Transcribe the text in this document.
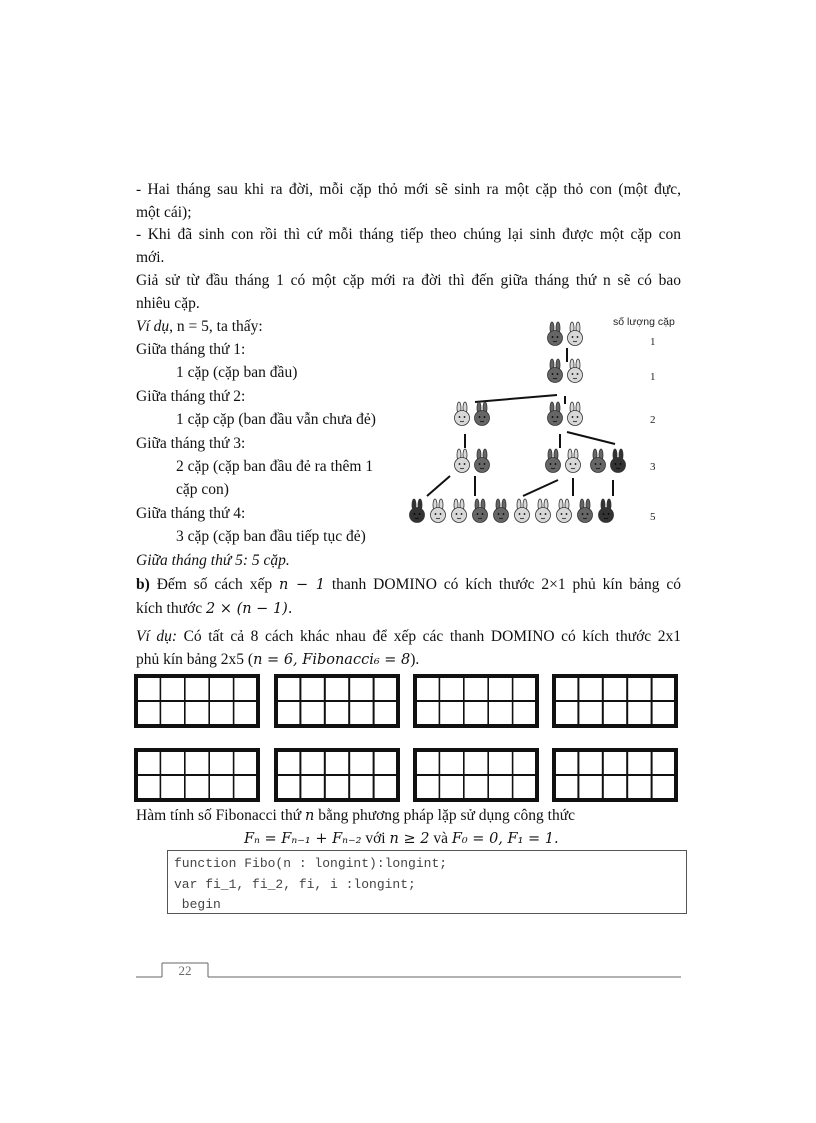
- Hai tháng sau khi ra đời, mỗi cặp thỏ mới sẽ sinh ra một cặp thỏ con (một đực,

một cái);

- Khi đã sinh con rồi thì cứ mỗi tháng tiếp theo chúng lại sinh được một cặp con

mới.

Giả sử từ đầu tháng 1 có một cặp mới ra đời thì đến giữa tháng thứ n sẽ có bao

nhiêu cặp.

Ví dụ, n = 5, ta thấy:

Giữa tháng thứ 1:

1 cặp (cặp ban đầu)

Giữa tháng thứ 2:

1 cặp cặp (ban đầu vẫn chưa đẻ)

Giữa tháng thứ 3:

2 cặp (cặp ban đầu đẻ ra thêm 1

cặp con)

Giữa tháng thứ 4:

3 cặp (cặp ban đầu tiếp tục đẻ)

Giữa tháng thứ 5: 5 cặp.

số lượng cặp
1
1
2
3
5

b) Đếm số cách xếp n − 1 thanh DOMINO có kích thước 2×1 phủ kín bảng có

kích thước 2 × (n − 1).

Ví dụ: Có tất cả 8 cách khác nhau để xếp các thanh DOMINO có kích thước 2x1

phủ kín bảng 2x5 (n = 6, Fibonacci₆ = 8).

Hàm tính số Fibonacci thứ n bằng phương pháp lặp sử dụng công thức

Fₙ = Fₙ₋₁ + Fₙ₋₂ với n ≥ 2 và F₀ = 0, F₁ = 1.

function Fibo(n : longint):longint;
var fi_1, fi_2, fi, i :longint;
begin
22
